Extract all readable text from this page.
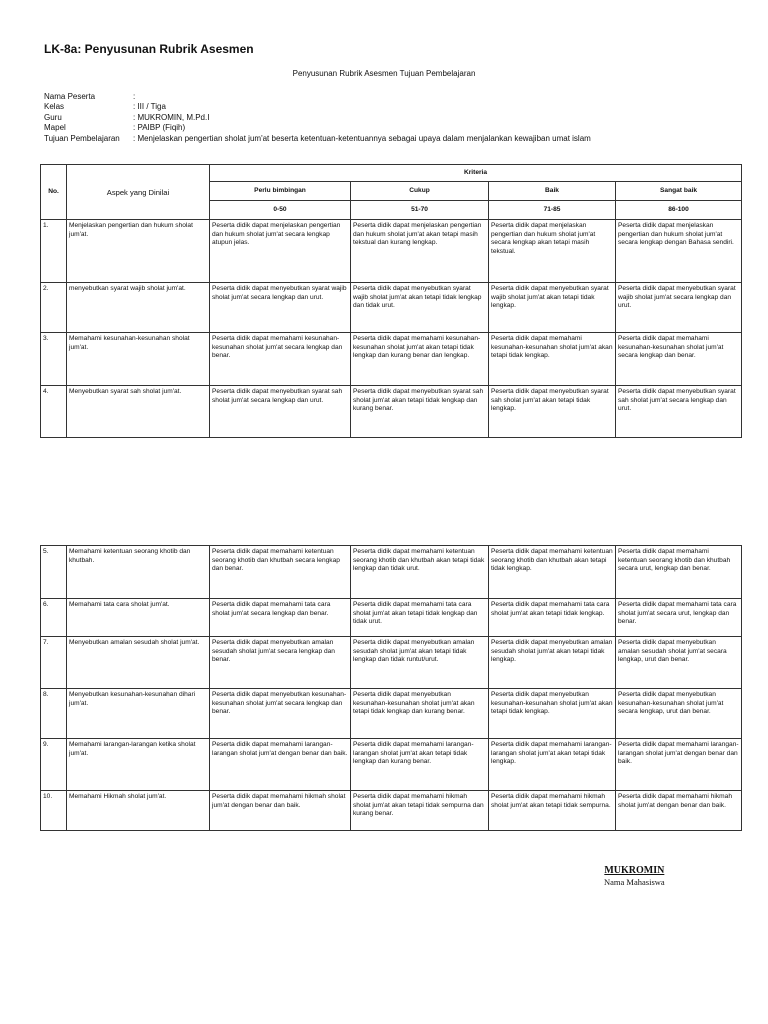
LK-8a: Penyusunan Rubrik Asesmen
Penyusunan Rubrik Asesmen Tujuan Pembelajaran
Nama Peserta	:
Kelas	: III / Tiga
Guru	: MUKROMIN, M.Pd.I
Mapel	: PAIBP (Fiqih)
Tujuan Pembelajaran	: Menjelaskan pengertian sholat jum'at beserta ketentuan-ketentuannya sebagai upaya dalam menjalankan kewajiban umat islam
No.	Aspek yang Dinilai	Kriteria			
		Perlu bimbingan	Cukup	Baik	Sangat baik
		0-50	51-70	71-85	86-100
1.	Menjelaskan pengertian dan hukum sholat jum'at.	Peserta didik dapat menjelaskan pengertian dan hukum sholat jum'at secara lengkap atupun jelas.	Peserta didik dapat menjelaskan pengertian dan hukum sholat jum'at akan tetapi masih tekstual dan kurang lengkap.	Peserta didik dapat menjelaskan pengertian dan hukum sholat jum'at secara lengkap akan tetapi masih tekstual.	Peserta didik dapat menjelaskan pengertian dan hukum sholat jum'at secara lengkap dengan Bahasa sendiri.
2.	menyebutkan syarat wajib sholat jum'at.	Peserta didik dapat menyebutkan syarat wajib sholat jum'at secara lengkap dan urut.	Peserta didik dapat menyebutkan syarat wajib sholat jum'at akan tetapi tidak lengkap dan tidak urut.	Peserta didik dapat menyebutkan syarat wajib sholat jum'at akan tetapi tidak lengkap.	Peserta didik dapat menyebutkan syarat wajib sholat jum'at secara lengkap dan urut.
3.	Memahami kesunahan-kesunahan sholat jum'at.	Peserta didik dapat memahami kesunahan-kesunahan sholat jum'at secara lengkap dan benar.	Peserta didik dapat memahami kesunahan-kesunahan sholat jum'at akan tetapi tidak lengkap dan kurang benar dan lengkap.	Peserta didik dapat memahami kesunahan-kesunahan sholat jum'at akan tetapi tidak lengkap.	Peserta didik dapat memahami kesunahan-kesunahan sholat jum'at secara lengkap dan benar.
4.	Menyebutkan syarat sah sholat jum'at.	Peserta didik dapat menyebutkan syarat sah sholat jum'at secara lengkap dan urut.	Peserta didik dapat menyebutkan syarat sah sholat jum'at akan tetapi tidak lengkap dan kurang benar.	Peserta didik dapat menyebutkan syarat sah sholat jum'at akan tetapi tidak lengkap.	Peserta didik dapat menyebutkan syarat sah sholat jum'at secara lengkap dan urut.
5.	Memahami ketentuan seorang khotib dan khutbah.	Peserta didik dapat memahami ketentuan seorang khotib dan khutbah secara lengkap dan benar.	Peserta didik dapat memahami ketentuan seorang khotib dan khutbah akan tetapi tidak lengkap dan tidak urut.	Peserta didik dapat memahami ketentuan seorang khotib dan khutbah akan tetapi tidak lengkap.	Peserta didik dapat memahami ketentuan seorang khotib dan khutbah secara urut, lengkap dan benar.
6.	Memahami tata cara sholat jum'at.	Peserta didik dapat memahami tata cara sholat jum'at secara lengkap dan benar.	Peserta didik dapat memahami tata cara sholat jum'at akan tetapi tidak lengkap dan tidak urut.	Peserta didik dapat memahami tata cara sholat jum'at akan tetapi tidak lengkap.	Peserta didik dapat memahami tata cara sholat jum'at secara urut, lengkap dan benar.
7.	Menyebutkan amalan sesudah sholat jum'at.	Peserta didik dapat menyebutkan amalan sesudah sholat jum'at secara lengkap dan benar.	Peserta didik dapat menyebutkan amalan sesudah sholat jum'at akan tetapi tidak lengkap dan tidak runtut/urut.	Peserta didik dapat menyebutkan amalan sesudah sholat jum'at akan tetapi tidak lengkap.	Peserta didik dapat menyebutkan amalan sesudah sholat jum'at secara lengkap, urut dan benar.
8.	Menyebutkan kesunahan-kesunahan dihari jum'at.	Peserta didik dapat menyebutkan kesunahan-kesunahan sholat jum'at secara lengkap dan benar.	Peserta didik dapat menyebutkan kesunahan-kesunahan sholat jum'at akan tetapi tidak lengkap dan kurang benar.	Peserta didik dapat menyebutkan kesunahan-kesunahan sholat jum'at akan tetapi tidak lengkap.	Peserta didik dapat menyebutkan kesunahan-kesunahan sholat jum'at secara lengkap, urut dan benar.
9.	Memahami larangan-larangan ketika sholat jum'at.	Peserta didik dapat memahami larangan-larangan sholat jum'at dengan benar dan baik.	Peserta didik dapat memahami larangan-larangan sholat jum'at akan tetapi tidak lengkap dan kurang benar.	Peserta didik dapat memahami larangan-larangan sholat jum'at akan tetapi tidak lengkap.	Peserta didik dapat memahami larangan-larangan sholat jum'at dengan benar dan baik.
10.	Memahami Hikmah sholat jum'at.	Peserta didik dapat memahami hikmah sholat jum'at dengan benar dan baik.	Peserta didik dapat memahami hikmah sholat jum'at akan tetapi tidak sempurna dan kurang benar.	Peserta didik dapat memahami hikmah sholat jum'at akan tetapi tidak sempurna.	Peserta didik dapat memahami hikmah sholat jum'at dengan benar dan baik.
MUKROMIN
Nama Mahasiswa
